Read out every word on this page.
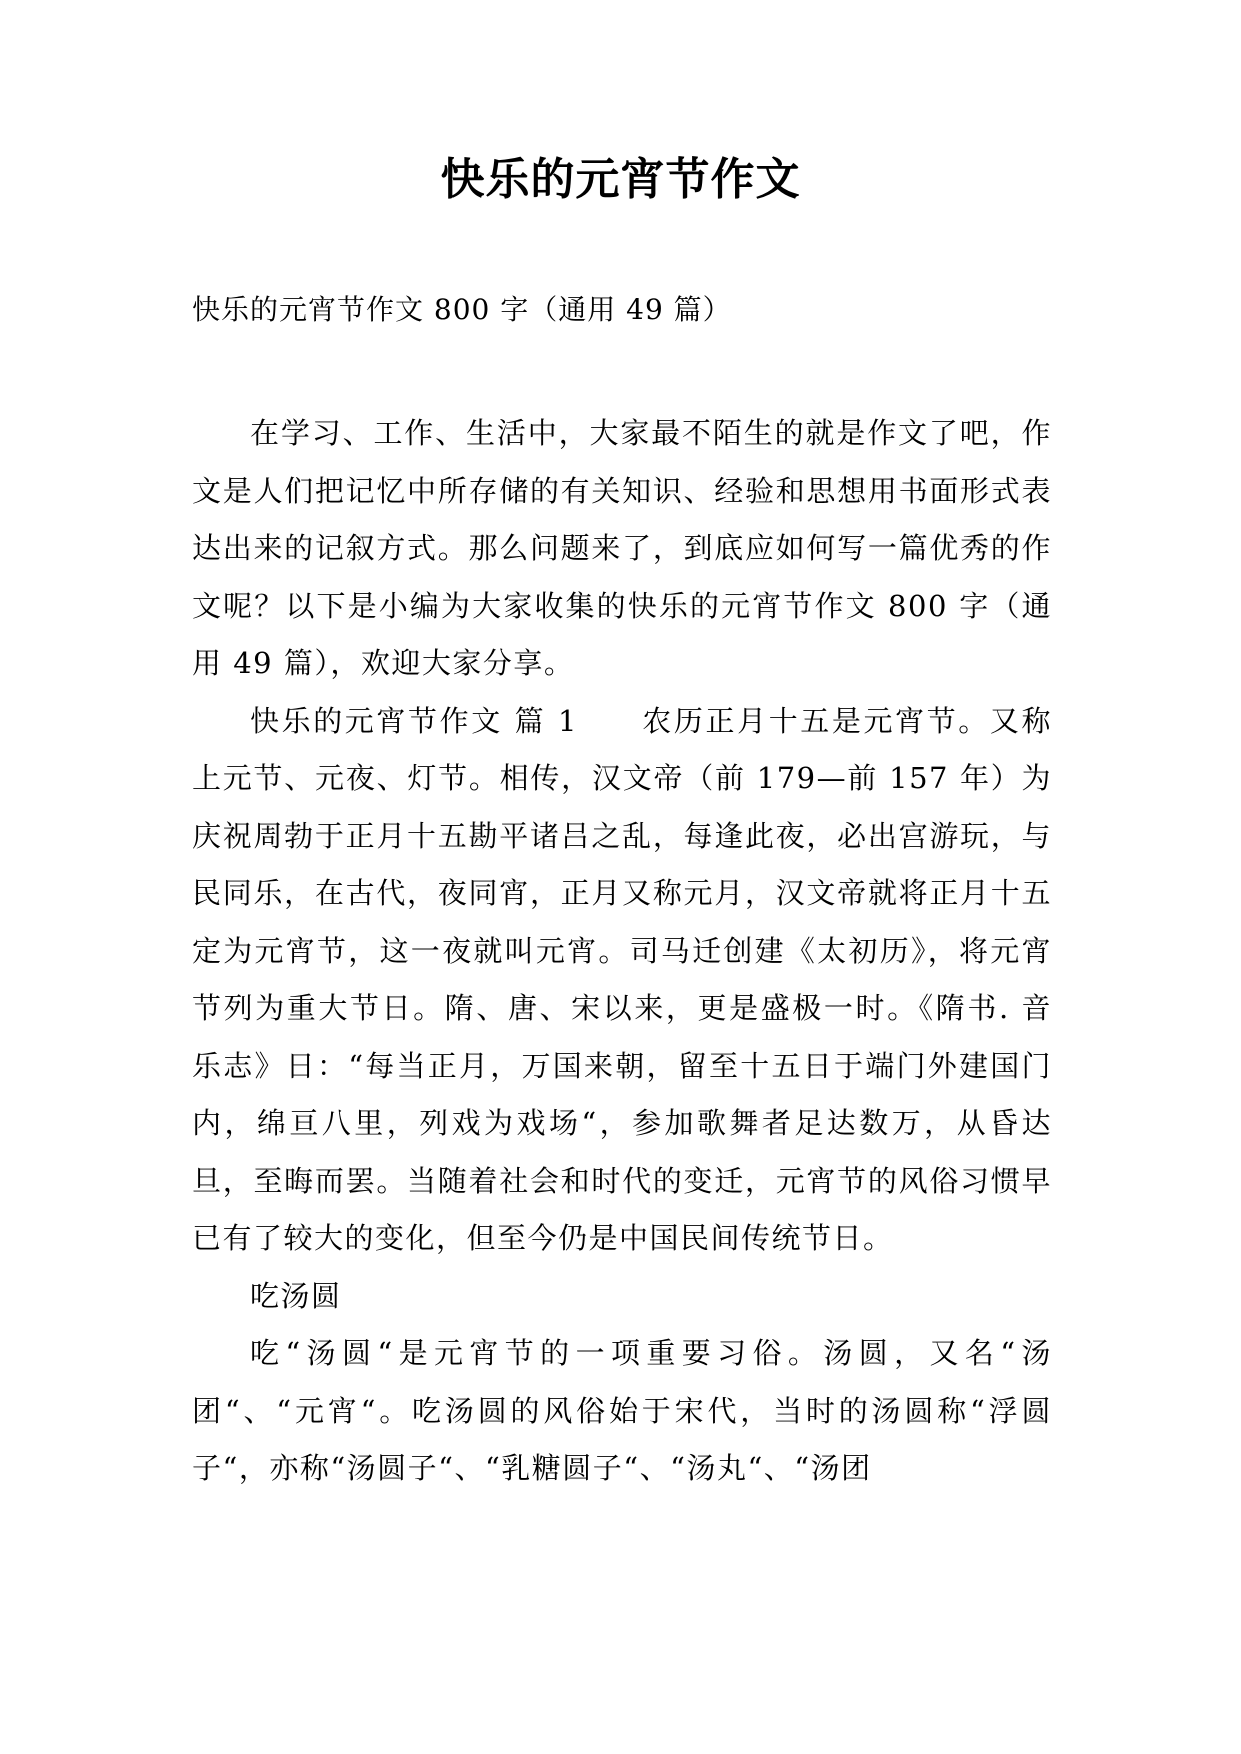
快乐的元宵节作文
快乐的元宵节作文 800 字（通用 49 篇）

在学习、工作、生活中，大家最不陌生的就是作文了吧，作文是人们把记忆中所存储的有关知识、经验和思想用书面形式表达出来的记叙方式。那么问题来了，到底应如何写一篇优秀的作文呢？以下是小编为大家收集的快乐的元宵节作文 800 字（通用 49 篇），欢迎大家分享。

快乐的元宵节作文 篇 1　　农历正月十五是元宵节。又称上元节、元夜、灯节。相传，汉文帝（前 179—前 157 年）为庆祝周勃于正月十五勘平诸吕之乱，每逢此夜，必出宫游玩，与民同乐，在古代，夜同宵，正月又称元月，汉文帝就将正月十五定为元宵节，这一夜就叫元宵。司马迁创建《太初历》，将元宵节列为重大节日。隋、唐、宋以来，更是盛极一时。《隋书. 音乐志》日：“每当正月，万国来朝，留至十五日于端门外建国门内，绵亘八里，列戏为戏场“，参加歌舞者足达数万，从昏达旦，至晦而罢。当随着社会和时代的变迁，元宵节的风俗习惯早已有了较大的变化，但至今仍是中国民间传统节日。

吃汤圆

吃“汤圆“是元宵节的一项重要习俗。汤圆，又名“汤团“、“元宵“。吃汤圆的风俗始于宋代，当时的汤圆称“浮圆子“，亦称“汤圆子“、“乳糖圆子“、“汤丸“、“汤团
